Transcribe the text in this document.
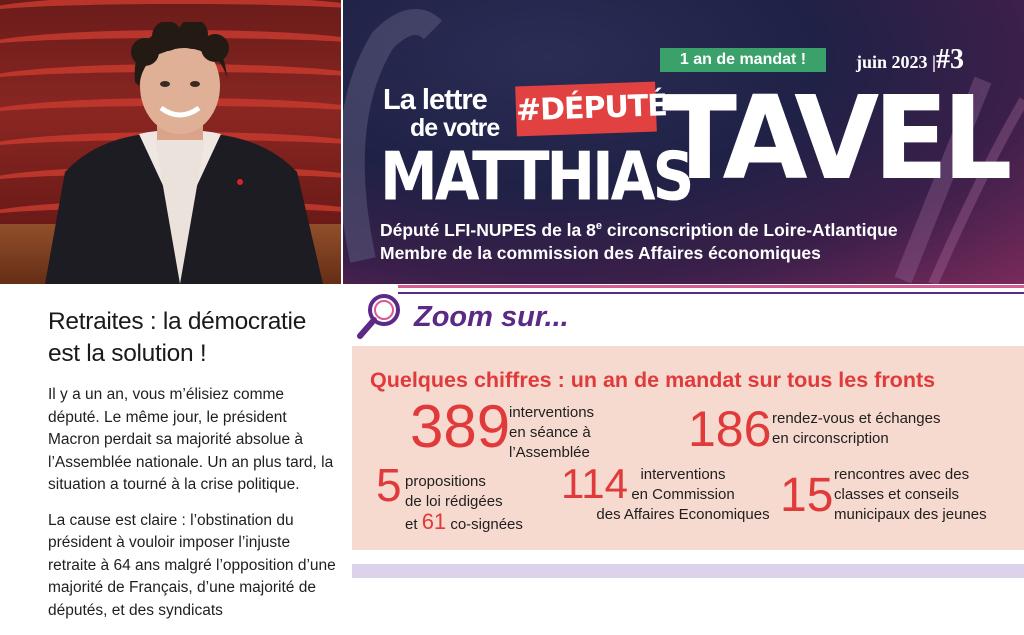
1 an de mandat !	juin 2023 |#3
La lettre
de votre #DÉPUTÉ
MATTHIAS
TAVEL
Député LFI-NUPES de la 8e circonscription de Loire-Atlantique
Membre de la commission des Affaires économiques
Retraites : la démocratie est la solution !

Il y a un an, vous m’élisiez comme député. Le même jour, le président Macron perdait sa majorité absolue à l’Assemblée nationale. Un an plus tard, la situation a tourné à la crise politique.

La cause est claire : l’obstination du président à vouloir imposer l’injuste retraite à 64 ans malgré l’opposition d’une majorité de Français, d’une majorité de députés, et des syndicats

Zoom sur...
Quelques chiffres : un an de mandat sur tous les fronts
389
interventions
en séance à
l’Assemblée 186 rendez-vous et échanges
en circonscription
5 propositions
de loi rédigées
et 61 co-signées
114 interventions
en Commission
des Affaires Economiques 15 rencontres avec des
classes et conseils
municipaux des jeunes
